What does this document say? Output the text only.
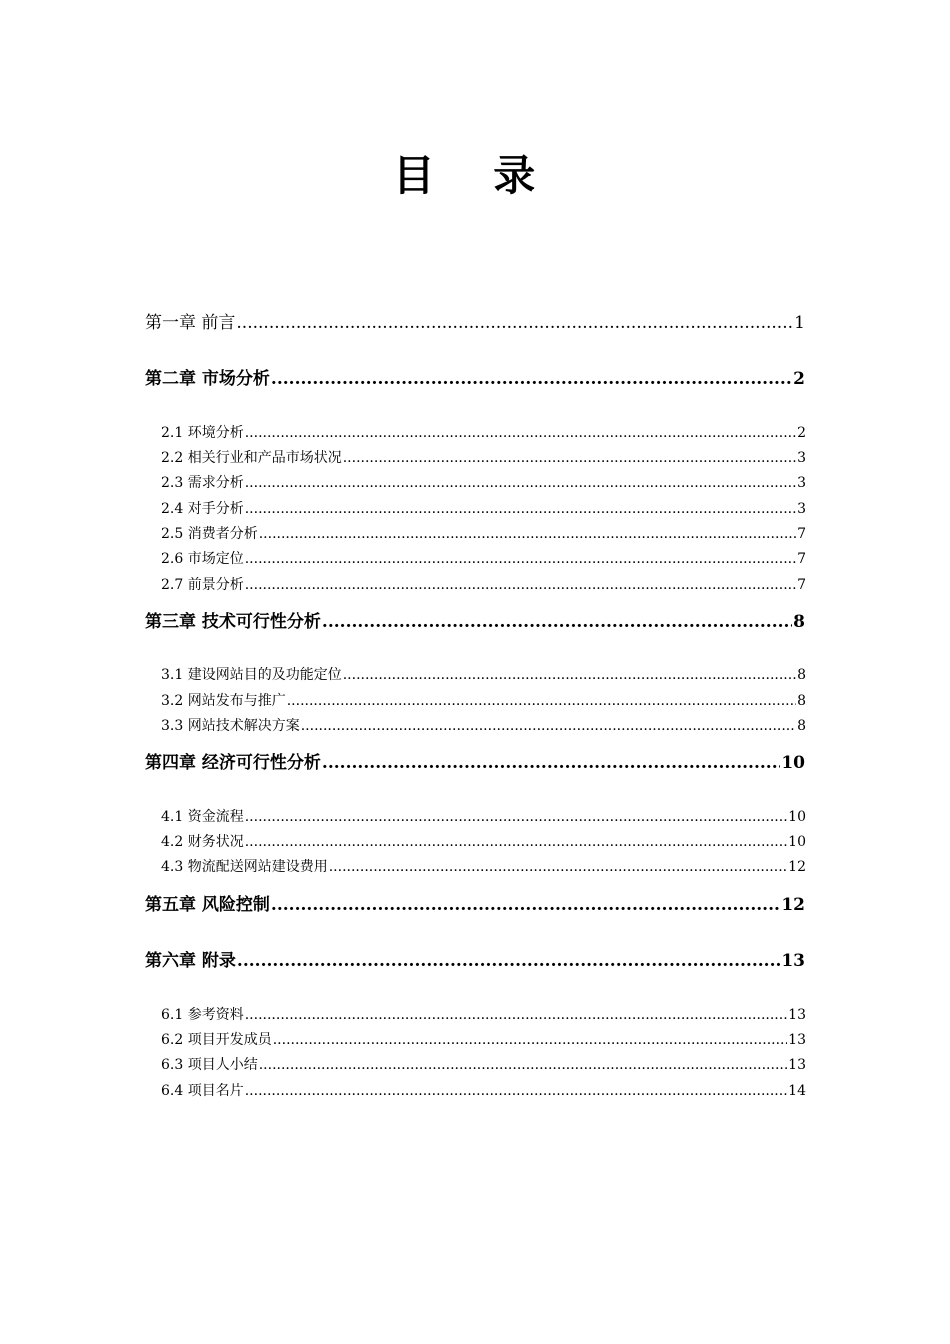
目 录
第一章 前言 .....	1
第二章 市场分析 .....	2
2.1 环境分析 .....	2
2.2 相关行业和产品市场状况 .....	3
2.3 需求分析 .....	3
2.4 对手分析 .....	3
2.5 消费者分析 .....	7
2.6 市场定位 .....	7
2.7 前景分析 .....	7
第三章 技术可行性分析 .....	8
3.1 建设网站目的及功能定位 .....	8
3.2 网站发布与推广 .....	8
3.3 网站技术解决方案 .....	8
第四章 经济可行性分析 .....	10
4.1 资金流程 .....	10
4.2 财务状况 .....	10
4.3 物流配送网站建设费用 .....	12
第五章 风险控制 .....	12
第六章 附录 .....	13
6.1 参考资料 .....	13
6.2 项目开发成员 .....	13
6.3 项目人小结 .....	13
6.4 项目名片 .....	14
